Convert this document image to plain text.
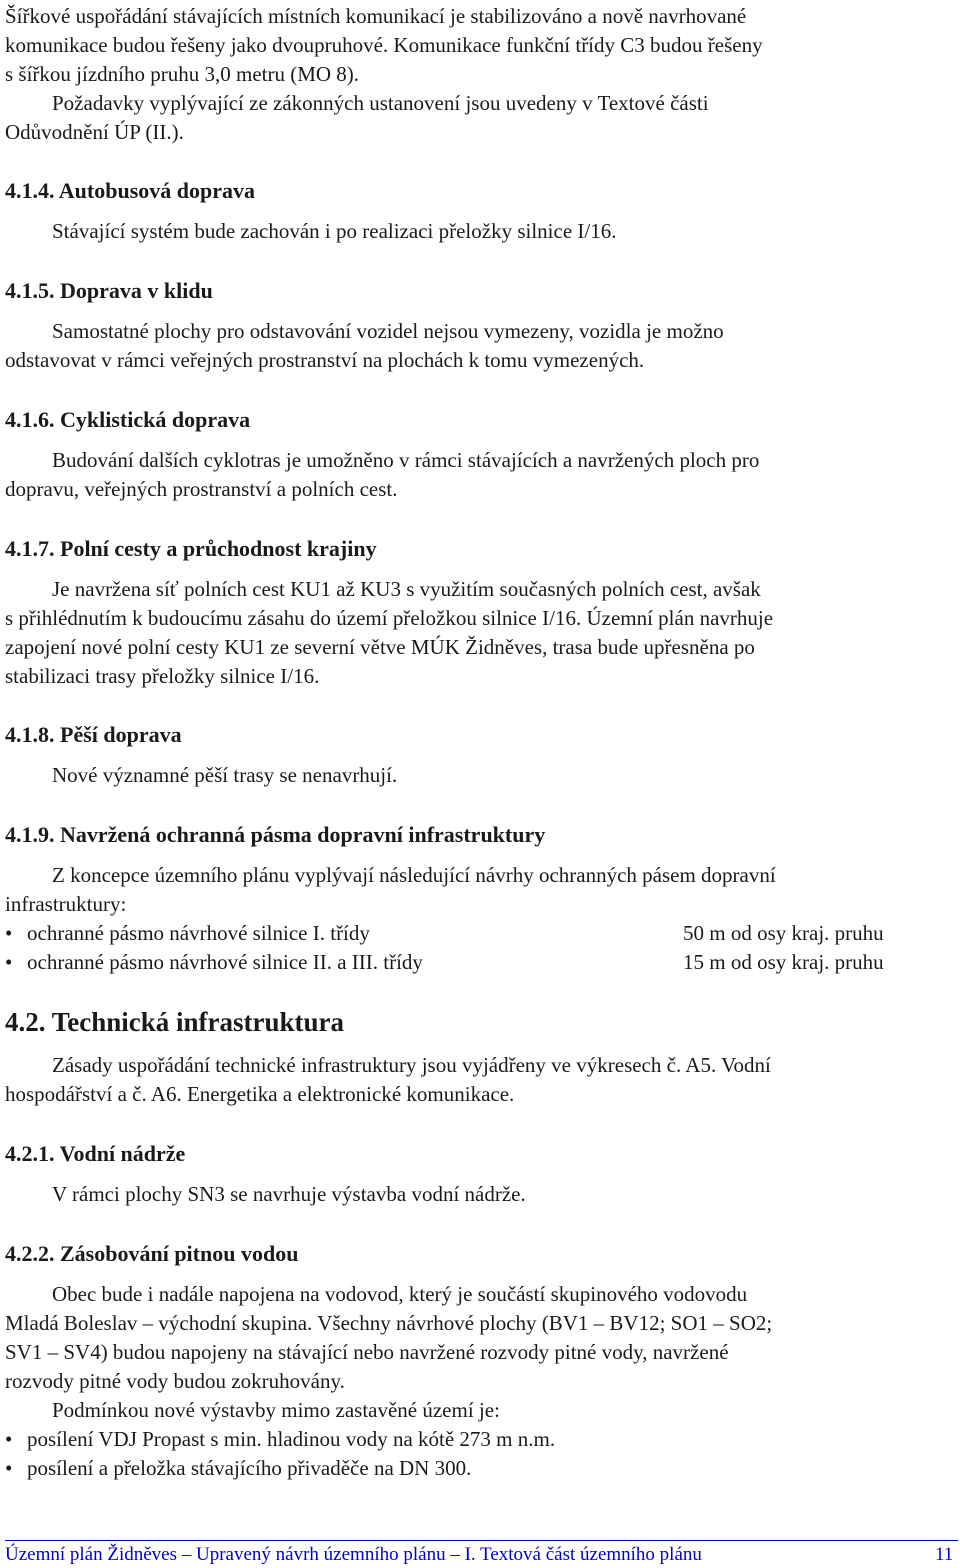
Šířkové uspořádání stávajících místních komunikací je stabilizováno a nově navrhované
komunikace budou řešeny jako dvoupruhové. Komunikace funkční třídy C3 budou řešeny
s šířkou jízdního pruhu 3,0 metru (MO 8).
Požadavky vyplývající ze zákonných ustanovení jsou uvedeny v Textové části
Odůvodnění ÚP (II.).
4.1.4. Autobusová doprava
Stávající systém bude zachován i po realizaci přeložky silnice I/16.
4.1.5. Doprava v klidu
Samostatné plochy pro odstavování vozidel nejsou vymezeny, vozidla je možno
odstavovat v rámci veřejných prostranství na plochách k tomu vymezených.
4.1.6. Cyklistická doprava
Budování dalších cyklotras je umožněno v rámci stávajících a navržených ploch pro
dopravu, veřejných prostranství a polních cest.
4.1.7. Polní cesty a průchodnost krajiny
Je navržena síť polních cest KU1 až KU3 s využitím současných polních cest, avšak
s přihlédnutím k budoucímu zásahu do území přeložkou silnice I/16. Územní plán navrhuje
zapojení nové polní cesty KU1 ze severní větve MÚK Židněves, trasa bude upřesněna po
stabilizaci trasy přeložky silnice I/16.
4.1.8. Pěší doprava
Nové významné pěší trasy se nenavrhují.
4.1.9. Navržená ochranná pásma dopravní infrastruktury
Z koncepce územního plánu vyplývají následující návrhy ochranných pásem dopravní
infrastruktury:
• ochranné pásmo návrhové silnice I. třídy	50 m od osy kraj. pruhu
• ochranné pásmo návrhové silnice II. a III. třídy	15 m od osy kraj. pruhu
4.2. Technická infrastruktura
Zásady uspořádání technické infrastruktury jsou vyjádřeny ve výkresech č. A5. Vodní
hospodářství a č. A6. Energetika a elektronické komunikace.
4.2.1. Vodní nádrže
V rámci plochy SN3 se navrhuje výstavba vodní nádrže.
4.2.2. Zásobování pitnou vodou
Obec bude i nadále napojena na vodovod, který je součástí skupinového vodovodu
Mladá Boleslav – východní skupina. Všechny návrhové plochy (BV1 – BV12; SO1 – SO2;
SV1 – SV4) budou napojeny na stávající nebo navržené rozvody pitné vody, navržené
rozvody pitné vody budou zokruhovány.
Podmínkou nové výstavby mimo zastavěné území je:
• posílení VDJ Propast s min. hladinou vody na kótě 273 m n.m.
• posílení a přeložka stávajícího přivaděče na DN 300.
Územní plán Židněves – Upravený návrh územního plánu – I. Textová část územního plánu	11
